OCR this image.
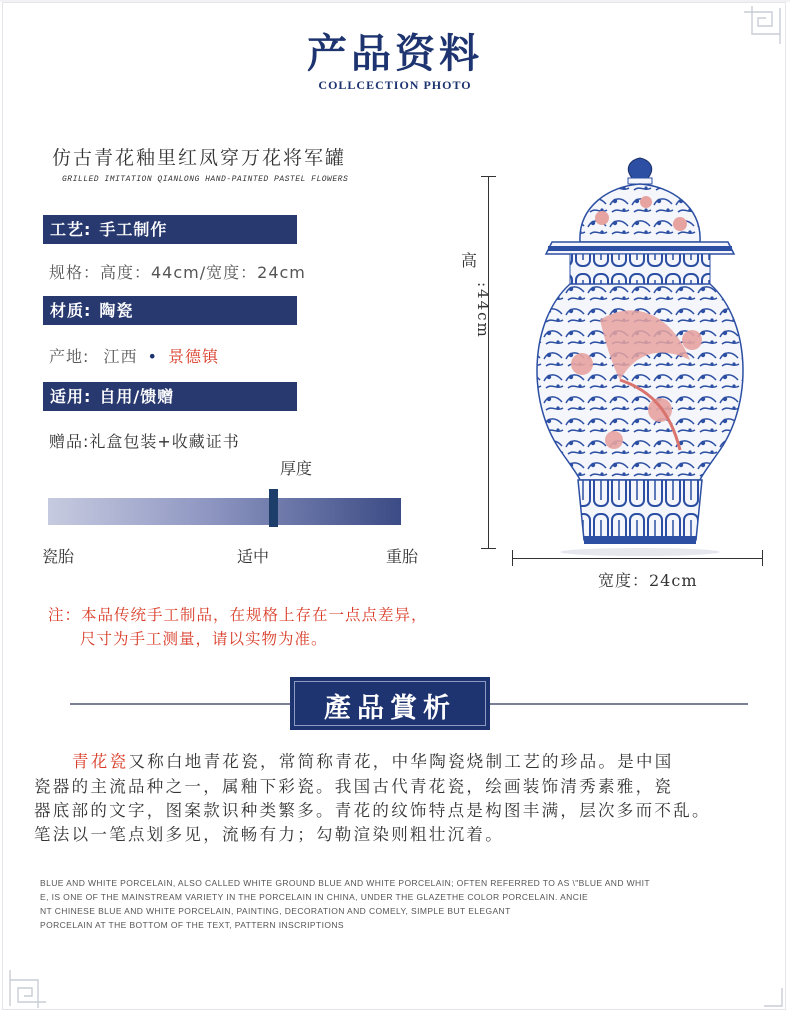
产品资料
COLLCECTION PHOTO
仿古青花釉里红凤穿万花将军罐
GRILLED IMITATION QIANLONG HAND-PAINTED PASTEL FLOWERS
工艺: 手工制作
规格：高度：44cm/宽度：24cm
材质: 陶瓷
产地: 江西 • 景德镇
适用: 自用/馈赠
赠品:礼盒包装+收藏证书
厚度
瓷胎	适中	重胎
注：本品传统手工制品，在规格上存在一点点差异，
尺寸为手工测量，请以实物为准。
高
:44cm
宽度：24cm
產品賞析
青花瓷又称白地青花瓷，常简称青花，中华陶瓷烧制工艺的珍品。是中国
瓷器的主流品种之一，属釉下彩瓷。我国古代青花瓷，绘画装饰清秀素雅，瓷
器底部的文字，图案款识种类繁多。青花的纹饰特点是构图丰满，层次多而不乱。
笔法以一笔点划多见，流畅有力；勾勒渲染则粗壮沉着。
BLUE AND WHITE PORCELAIN, ALSO CALLED WHITE GROUND BLUE AND WHITE PORCELAIN; OFTEN REFERRED TO AS \"BLUE AND WHIT
E, IS ONE OF THE MAINSTREAM VARIETY IN THE PORCELAIN IN CHINA, UNDER THE GLAZETHE COLOR PORCELAIN. ANCIE
NT CHINESE BLUE AND WHITE PORCELAIN, PAINTING, DECORATION AND COMELY, SIMPLE BUT ELEGANT
PORCELAIN AT THE BOTTOM OF THE TEXT, PATTERN INSCRIPTIONS
